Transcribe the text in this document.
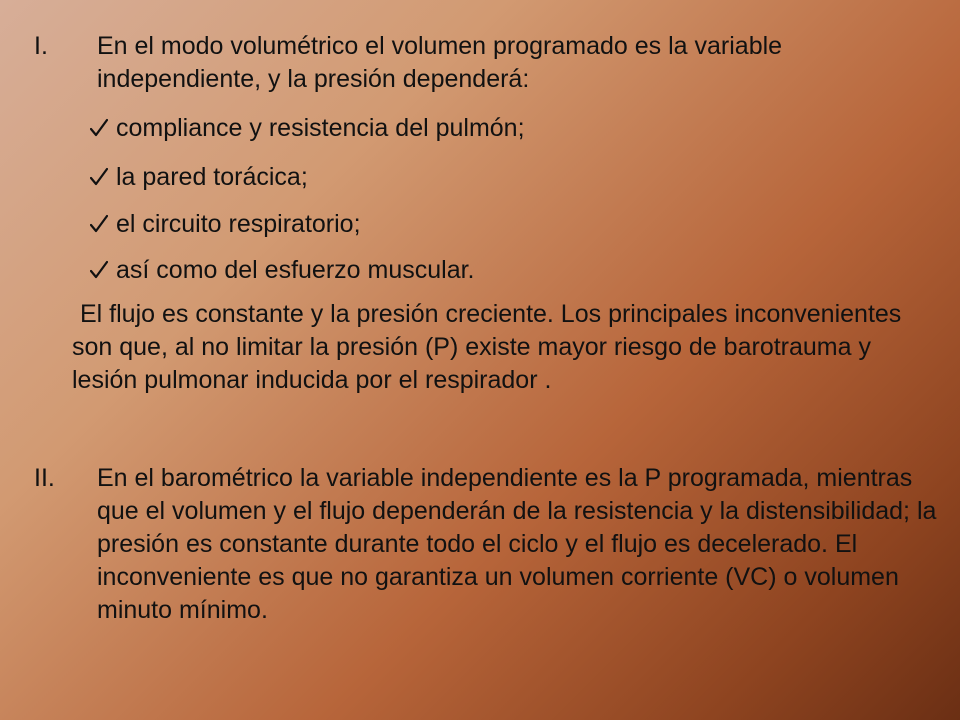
I.	En el modo volumétrico el volumen programado es la variable independiente, y la presión dependerá:
compliance y resistencia del pulmón;
la pared torácica;
el circuito respiratorio;
así como del esfuerzo muscular.
El flujo es constante y la presión creciente. Los principales inconvenientes son que, al no limitar la presión (P) existe mayor riesgo de barotrauma y lesión pulmonar inducida por el respirador .
II.	En el barométrico la variable independiente es la P programada, mientras que el volumen y el flujo dependerán de la resistencia y la distensibilidad; la presión es constante durante todo el ciclo y el flujo es decelerado. El inconveniente es que no garantiza un volumen corriente (VC) o volumen minuto mínimo.
